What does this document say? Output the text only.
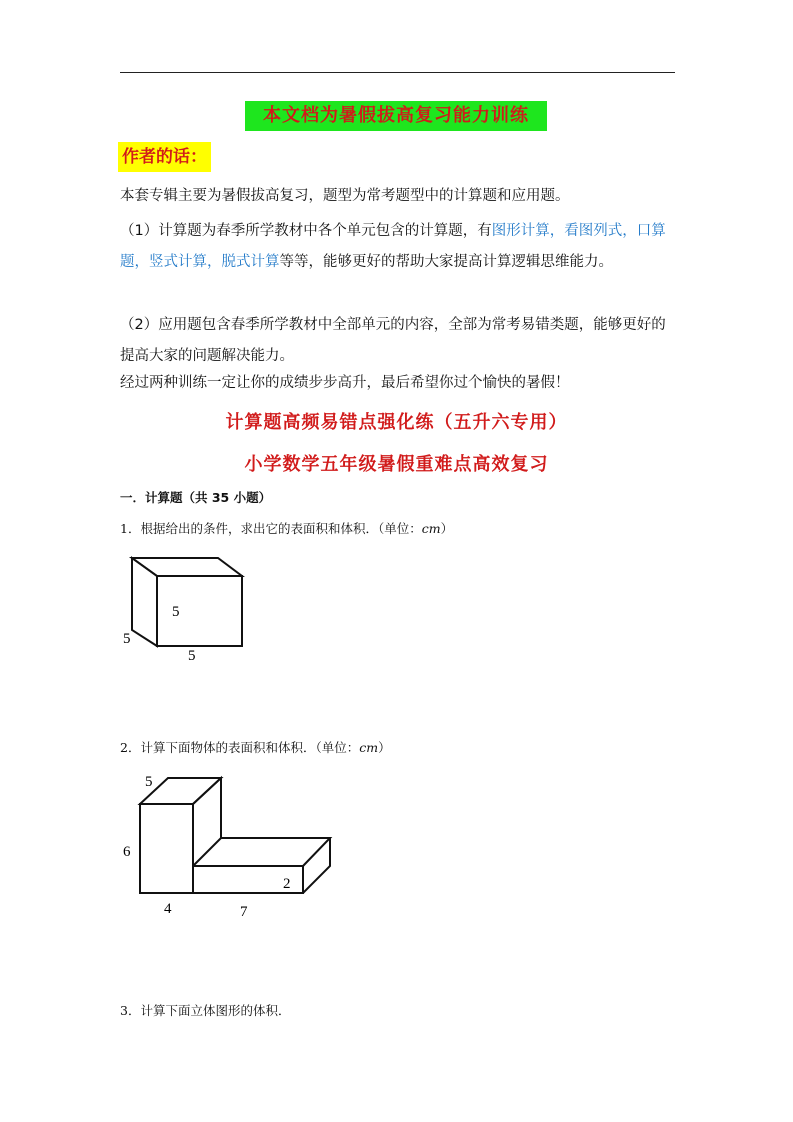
本文档为暑假拔高复习能力训练
作者的话：
本套专辑主要为暑假拔高复习，题型为常考题型中的计算题和应用题。
（1）计算题为春季所学教材中各个单元包含的计算题，有图形计算，看图列式，口算题，竖式计算，脱式计算等等，能够更好的帮助大家提高计算逻辑思维能力。
（2）应用题包含春季所学教材中全部单元的内容，全部为常考易错类题，能够更好的提高大家的问题解决能力。
经过两种训练一定让你的成绩步步高升，最后希望你过个愉快的暑假！
计算题高频易错点强化练（五升六专用）
小学数学五年级暑假重难点高效复习
一．计算题（共 35 小题）
1．根据给出的条件，求出它的表面积和体积．（单位：cm）
5
5
5
2．计算下面物体的表面积和体积．（单位：cm）
5
6
2
4	7
3．计算下面立体图形的体积．
